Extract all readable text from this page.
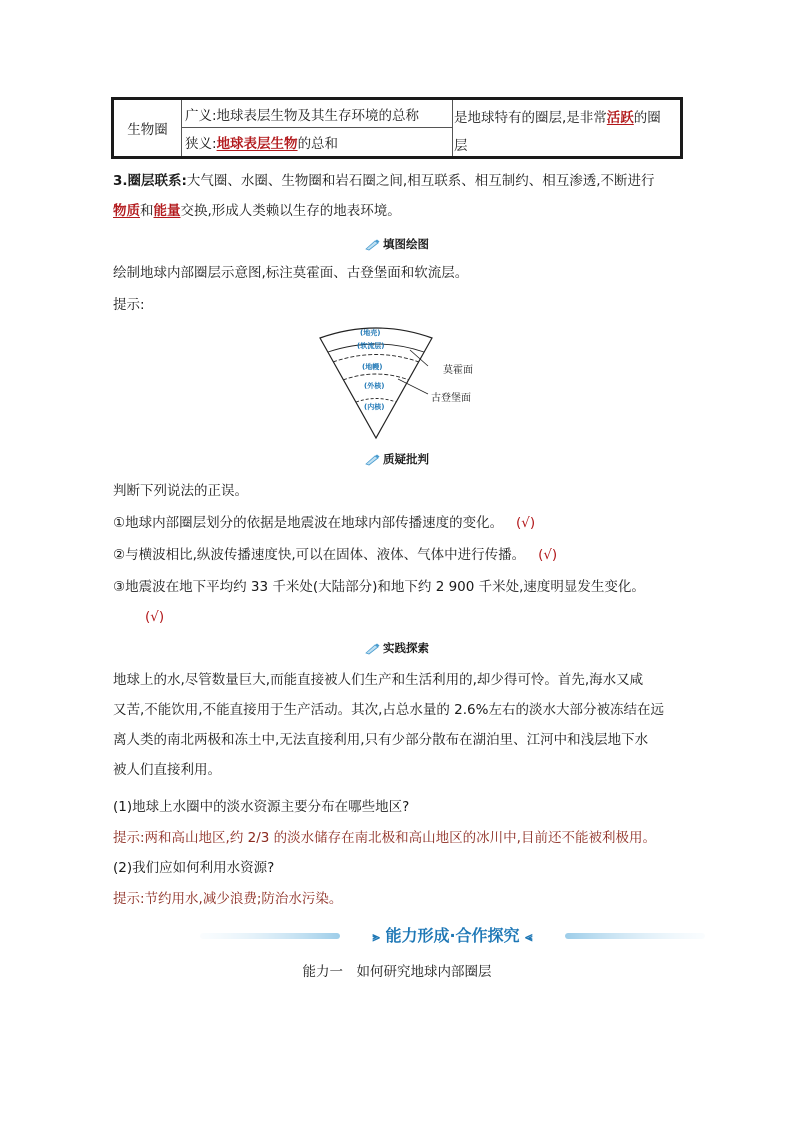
生物圈
广义:地球表层生物及其生存环境的总称
狭义: 地球表层生物 的总和
是地球特有的圈层,是非常活跃的圈
层
3.圈层联系:大气圈、水圈、生物圈和岩石圈之间,相互联系、相互制约、相互渗透,不断进行
物质和能量交换,形成人类赖以生存的地表环境。
填图绘图
绘制地球内部圈层示意图,标注莫霍面、古登堡面和软流层。
提示:
(地壳)
(软流层)
(地幔)
(外核)
(内核)
莫霍面
古登堡面
质疑批判
判断下列说法的正误。
①地球内部圈层划分的依据是地震波在地球内部传播速度的变化。 (√)
②与横波相比,纵波传播速度快,可以在固体、液体、气体中进行传播。 (√)
③地震波在地下平均约 33 千米处(大陆部分)和地下约 2 900 千米处,速度明显发生变化。
(√)
实践探索
地球上的水,尽管数量巨大,而能直接被人们生产和生活利用的,却少得可怜。首先,海水又咸
又苦,不能饮用,不能直接用于生产活动。其次,占总水量的 2.6%左右的淡水大部分被冻结在远
离人类的南北两极和冻土中,无法直接利用,只有少部分散布在湖泊里、江河中和浅层地下水
被人们直接利用。
(1)地球上水圈中的淡水资源主要分布在哪些地区?
提示:两和高山地区,约 2/3 的淡水储存在南北极和高山地区的冰川中,目前还不能被利极用。
(2)我们应如何利用水资源?
提示:节约用水,减少浪费;防治水污染。
⪢ 能力形成·合作探究 ⪡
能力一　如何研究地球内部圈层
